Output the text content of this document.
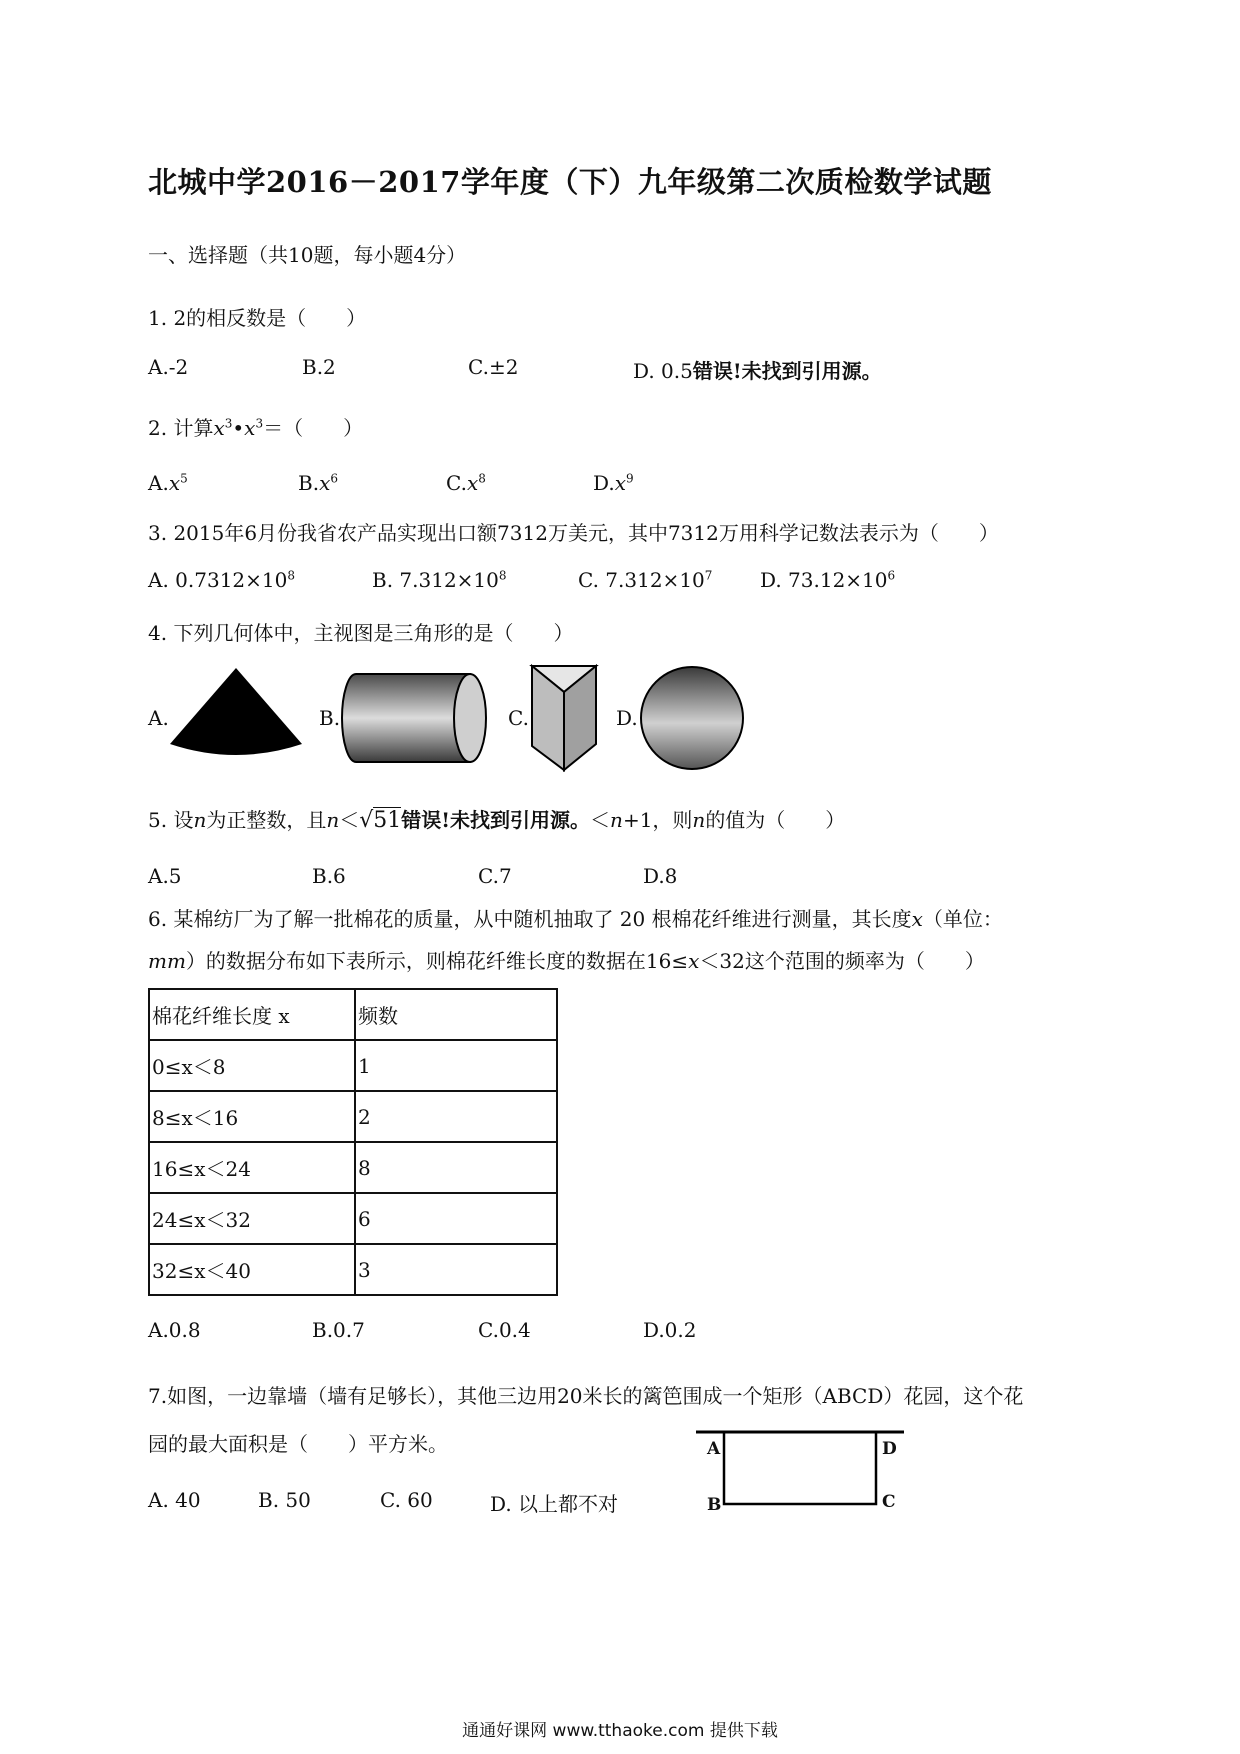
北城中学2016－2017学年度（下）九年级第二次质检数学试题
一、选择题（共10题，每小题4分）
1. 2的相反数是（　　）
A.-2	B.2	C.±2	D. 0.5错误!未找到引用源。
2. 计算$x^3•x^3=$（　　）
$A.x^5$	$B.x^6$	$C.x^8$	$D.x^9$
3. 2015年6月份我省农产品实现出口额7312万美元，其中7312万用科学记数法表示为（　　）
A. $0.7312\times 10^8$	B. $7.312\times 10^8$	C. $7.312\times 10^7$ D. $73.12\times 10^6$
4. 下列几何体中，主视图是三角形的是（　　）
A.	B.	C.	D.
5. 设n为正整数，且n＜√51错误!未找到引用源。＜n+1，则n的值为（　　）
A.5	B.6	C.7	D.8
6. 某棉纺厂为了解一批棉花的质量，从中随机抽取了 20 根棉花纤维进行测量，其长度x（单位：
mm）的数据分布如下表所示，则棉花纤维长度的数据在16≤x＜32这个范围的频率为（　　）
棉花纤维长度 x	频数
0≤x＜8	1
8≤x＜16	2
16≤x＜24	8
24≤x＜32	6
32≤x＜40	3
A.0.8	B.0.7	C.0.4	D.0.2
7.如图，一边靠墙（墙有足够长），其他三边用20米长的篱笆围成一个矩形（ABCD）花园，这个花
园的最大面积是（　　）平方米。
A. 40	B. 50	C. 60	D. 以上都不对
A
B	C
D
通通好课网 www.tthaoke.com 提供下载
